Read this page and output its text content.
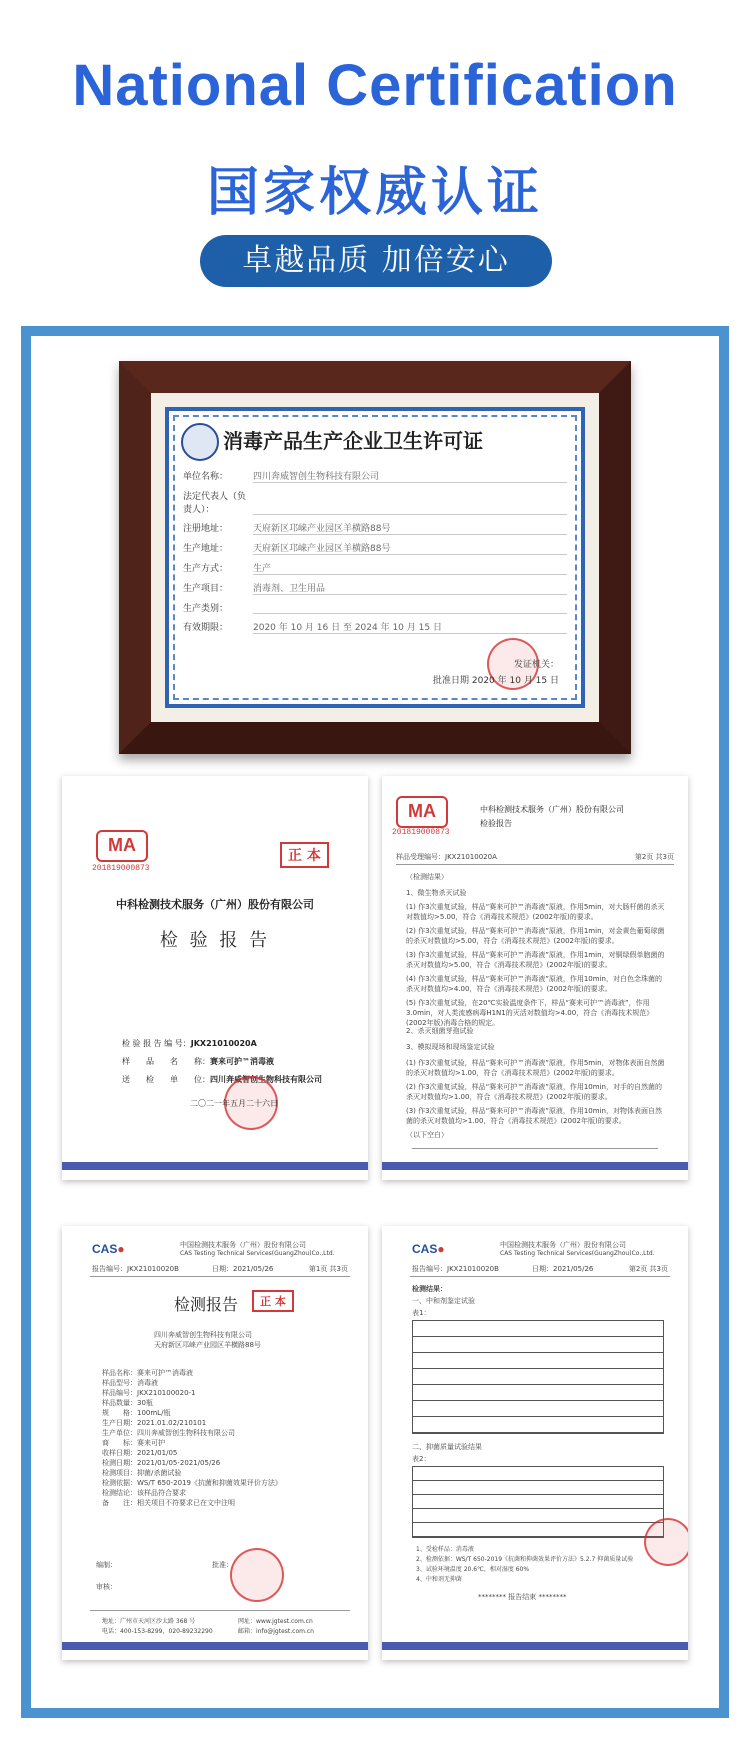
National Certification
国家权威认证
卓越品质 加倍安心
消毒产品生产企业卫生许可证
单位名称：	四川奔威智创生物科技有限公司
法定代表人（负责人）：
注册地址：	天府新区邛崃产业园区羊横路88号
生产地址：	天府新区邛崃产业园区羊横路88号
生产方式：	生产
生产项目：	消毒剂、卫生用品
生产类别：
有效期限：	2020 年 10 月 16 日 至 2024 年 10 月 15 日
发证机关：
批准日期 2020 年 10 月 15 日
MA
201819000873
正 本
中科检测技术服务（广州）股份有限公司
检 验 报 告
检 验 报 告 编 号：JKX21010020A
样　　品　　名　　称：赛来可护™消毒液
送　　检　　单　　位：四川奔威智创生物科技有限公司
二〇二一年五月二十六日
MA
201819000873
中科检测技术服务（广州）股份有限公司
检验报告
样品受理编号：JKX21010020A	第2页 共3页
（检测结果）
1、微生物杀灭试验
(1) 作3次重复试验，样品“赛来可护™消毒液”原液，作用5min，对大肠杆菌的杀灭对数值均>5.00，符合《消毒技术规范》(2002年版)的要求。
(2) 作3次重复试验，样品“赛来可护™消毒液”原液，作用1min，对金黄色葡萄球菌的杀灭对数值均>5.00，符合《消毒技术规范》(2002年版)的要求。
(3) 作3次重复试验，样品“赛来可护™消毒液”原液，作用1min，对铜绿假单胞菌的杀灭对数值均>5.00，符合《消毒技术规范》(2002年版)的要求。
(4) 作3次重复试验，样品“赛来可护™消毒液”原液，作用10min，对白色念珠菌的杀灭对数值均>4.00，符合《消毒技术规范》(2002年版)的要求。
(5) 作3次重复试验，在20℃实验温度条件下，样品“赛来可护™消毒液”，作用3.0min，对人类流感病毒H1N1的灭活对数值均>4.00，符合《消毒技术规范》(2002年版)消毒合格的规定。
2、杀灭细菌芽孢试验
3、模拟现场和现场鉴定试验
(1) 作3次重复试验，样品“赛来可护™消毒液”原液，作用5min，对物体表面自然菌的杀灭对数值均>1.00，符合《消毒技术规范》(2002年版)的要求。
(2) 作3次重复试验，样品“赛来可护™消毒液”原液，作用10min，对手的自然菌的杀灭对数值均>1.00，符合《消毒技术规范》(2002年版)的要求。
(3) 作3次重复试验，样品“赛来可护™消毒液”原液，作用10min，对物体表面自然菌的杀灭对数值均>1.00，符合《消毒技术规范》(2002年版)的要求。
（以下空白）
CAS●	中国检测技术服务（广州）股份有限公司
CAS Testing Technical Services(GuangZhou)Co.,Ltd.
报告编号：JKX21010020B	日期：2021/05/26	第1页 共3页
检测报告	正 本
四川奔威智创生物科技有限公司
天府新区邛崃产业园区羊横路88号
样品名称：赛来可护™消毒液
样品型号：消毒液
样品编号：JKX210100020-1
样品数量：30瓶
规　　格：100mL/瓶
生产日期：2021.01.02/210101
生产单位：四川奔威智创生物科技有限公司
商　　标：赛来可护
收样日期：2021/01/05
检测日期：2021/01/05-2021/05/26
检测项目：抑菌/杀菌试验
检测依据：WS/T 650-2019《抗菌和抑菌效果评价方法》
检测结论：该样品符合要求
备　　注：相关项目不符要求已在文中注明
编制：
审核：
批准：
地址：广州市天河区沙太路 368 号
电话：400-153-8299，020-89232290
网址：www.jgtest.com.cn
邮箱：info@jgtest.com.cn
CAS●	中国检测技术服务（广州）股份有限公司
CAS Testing Technical Services(GuangZhou)Co.,Ltd.
报告编号：JKX21010020B	日期：2021/05/26	第2页 共3页
检测结果：
一、中和剂鉴定试验
表1：
二、抑菌质量试验结果
表2：
1、受检样品：消毒液
2、检测依据：WS/T 650-2019《抗菌和抑菌效果评价方法》5.2.7 抑菌质量试验
3、试验环境温度 20.6℃，相对湿度 60%
4、中和剂无抑菌
******** 报告结束 ********
